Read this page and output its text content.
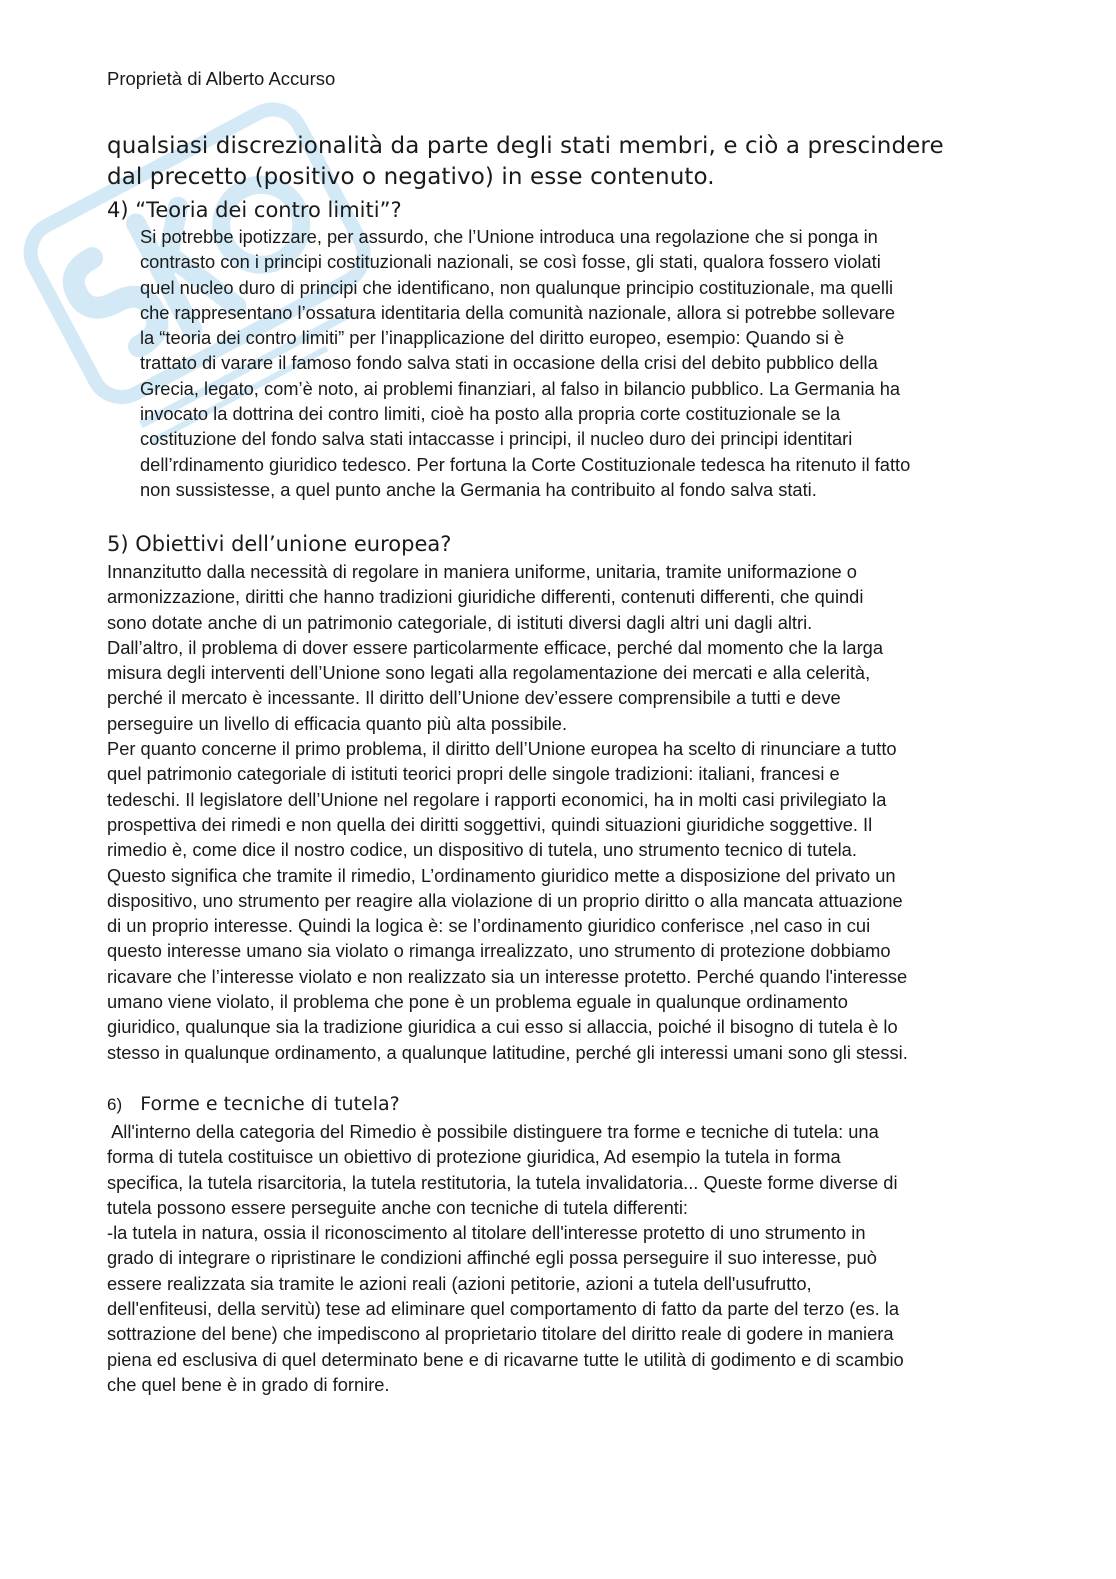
Proprietà di Alberto Accurso
qualsiasi discrezionalità da parte degli stati membri, e ciò a prescindere
dal precetto (positivo o negativo) in esse contenuto.
4) “Teoria dei contro limiti”?
Si potrebbe ipotizzare, per assurdo, che l’Unione introduca una regolazione che si ponga in
contrasto con i principi costituzionali nazionali, se così fosse, gli stati, qualora fossero violati
quel nucleo duro di principi che identificano, non qualunque principio costituzionale, ma quelli
che rappresentano l’ossatura identitaria della comunità nazionale, allora si potrebbe sollevare
la “teoria dei contro limiti” per l’inapplicazione del diritto europeo, esempio: Quando si è
trattato di varare il famoso fondo salva stati in occasione della crisi del debito pubblico della
Grecia, legato, com’è noto, ai problemi finanziari, al falso in bilancio pubblico. La Germania ha
invocato la dottrina dei contro limiti, cioè ha posto alla propria corte costituzionale se la
costituzione del fondo salva stati intaccasse i principi, il nucleo duro dei principi identitari
dell’rdinamento giuridico tedesco. Per fortuna la Corte Costituzionale tedesca ha ritenuto il fatto
non sussistesse, a quel punto anche la Germania ha contribuito al fondo salva stati.
5) Obiettivi dell’unione europea?
Innanzitutto dalla necessità di regolare in maniera uniforme, unitaria, tramite uniformazione o
armonizzazione, diritti che hanno tradizioni giuridiche differenti, contenuti differenti, che quindi
sono dotate anche di un patrimonio categoriale, di istituti diversi dagli altri uni dagli altri.
Dall’altro, il problema di dover essere particolarmente efficace, perché dal momento che la larga
misura degli interventi dell’Unione sono legati alla regolamentazione dei mercati e alla celerità,
perché il mercato è incessante. Il diritto dell’Unione dev’essere comprensibile a tutti e deve
perseguire un livello di efficacia quanto più alta possibile.
Per quanto concerne il primo problema, il diritto dell’Unione europea ha scelto di rinunciare a tutto
quel patrimonio categoriale di istituti teorici propri delle singole tradizioni: italiani, francesi e
tedeschi. Il legislatore dell’Unione nel regolare i rapporti economici, ha in molti casi privilegiato la
prospettiva dei rimedi e non quella dei diritti soggettivi, quindi situazioni giuridiche soggettive. Il
rimedio è, come dice il nostro codice, un dispositivo di tutela, uno strumento tecnico di tutela.
Questo significa che tramite il rimedio, L’ordinamento giuridico mette a disposizione del privato un
dispositivo, uno strumento per reagire alla violazione di un proprio diritto o alla mancata attuazione
di un proprio interesse. Quindi la logica è: se l’ordinamento giuridico conferisce ,nel caso in cui
questo interesse umano sia violato o rimanga irrealizzato, uno strumento di protezione dobbiamo
ricavare che l’interesse violato e non realizzato sia un interesse protetto. Perché quando l'interesse
umano viene violato, il problema che pone è un problema eguale in qualunque ordinamento
giuridico, qualunque sia la tradizione giuridica a cui esso si allaccia, poiché il bisogno di tutela è lo
stesso in qualunque ordinamento, a qualunque latitudine, perché gli interessi umani sono gli stessi.
6) Forme e tecniche di tutela?
All'interno della categoria del Rimedio è possibile distinguere tra forme e tecniche di tutela: una
forma di tutela costituisce un obiettivo di protezione giuridica, Ad esempio la tutela in forma
specifica, la tutela risarcitoria, la tutela restitutoria, la tutela invalidatoria... Queste forme diverse di
tutela possono essere perseguite anche con tecniche di tutela differenti:
-la tutela in natura, ossia il riconoscimento al titolare dell'interesse protetto di uno strumento in
grado di integrare o ripristinare le condizioni affinché egli possa perseguire il suo interesse, può
essere realizzata sia tramite le azioni reali (azioni petitorie, azioni a tutela dell'usufrutto,
dell'enfiteusi, della servitù) tese ad eliminare quel comportamento di fatto da parte del terzo (es. la
sottrazione del bene) che impediscono al proprietario titolare del diritto reale di godere in maniera
piena ed esclusiva di quel determinato bene e di ricavarne tutte le utilità di godimento e di scambio
che quel bene è in grado di fornire.
